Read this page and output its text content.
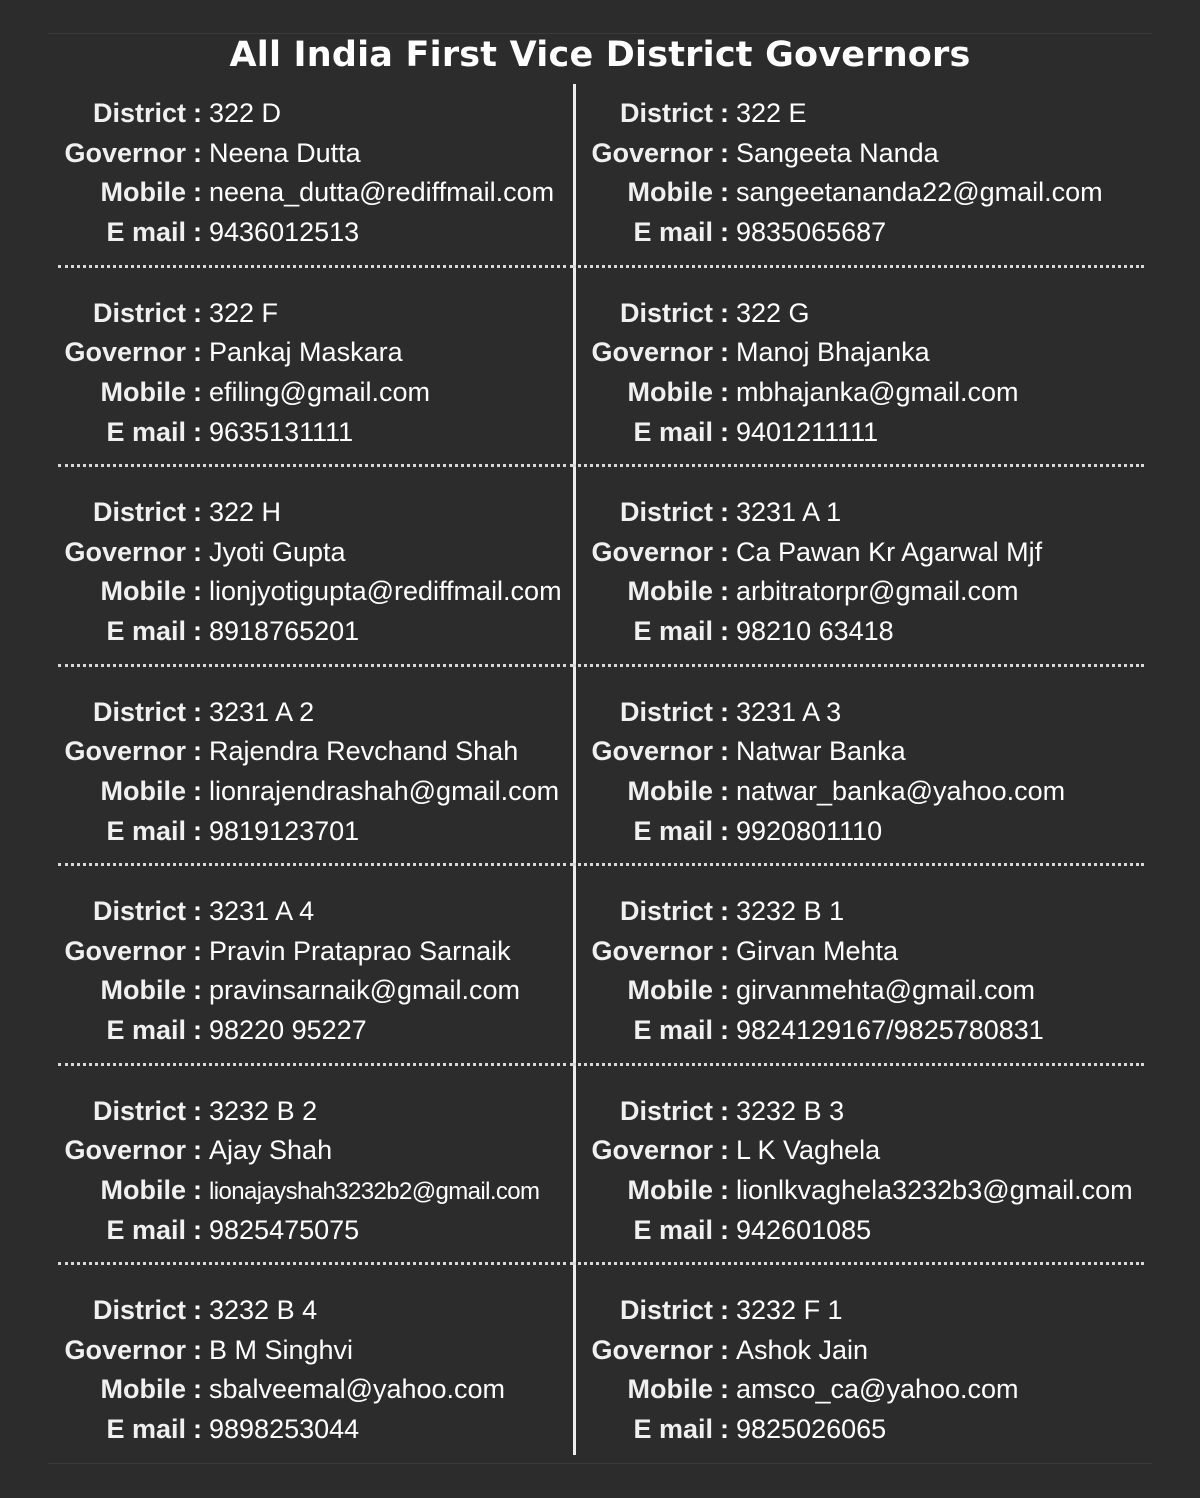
All India First Vice District Governors
District : 322 D
Governor : Neena Dutta
Mobile : neena_dutta@rediffmail.com
E mail : 9436012513
District : 322 E
Governor : Sangeeta Nanda
Mobile : sangeetananda22@gmail.com
E mail : 9835065687
District : 322 F
Governor : Pankaj Maskara
Mobile : efiling@gmail.com
E mail : 9635131111
District : 322 G
Governor : Manoj Bhajanka
Mobile : mbhajanka@gmail.com
E mail : 9401211111
District : 322 H
Governor : Jyoti Gupta
Mobile : lionjyotigupta@rediffmail.com
E mail : 8918765201
District : 3231 A 1
Governor : Ca Pawan Kr Agarwal Mjf
Mobile : arbitratorpr@gmail.com
E mail : 98210 63418
District : 3231 A 2
Governor : Rajendra Revchand Shah
Mobile : lionrajendrashah@gmail.com
E mail : 9819123701
District : 3231 A 3
Governor : Natwar Banka
Mobile : natwar_banka@yahoo.com
E mail : 9920801110
District : 3231 A 4
Governor : Pravin Prataprao Sarnaik
Mobile : pravinsarnaik@gmail.com
E mail : 98220 95227
District : 3232 B 1
Governor : Girvan Mehta
Mobile : girvanmehta@gmail.com
E mail : 9824129167/9825780831
District : 3232 B 2
Governor : Ajay Shah
Mobile : lionajayshah3232b2@gmail.com
E mail : 9825475075
District : 3232 B 3
Governor : L K Vaghela
Mobile : lionlkvaghela3232b3@gmail.com
E mail : 942601085
District : 3232 B 4
Governor : B M Singhvi
Mobile : sbalveemal@yahoo.com
E mail : 9898253044
District : 3232 F 1
Governor : Ashok Jain
Mobile : amsco_ca@yahoo.com
E mail : 9825026065
